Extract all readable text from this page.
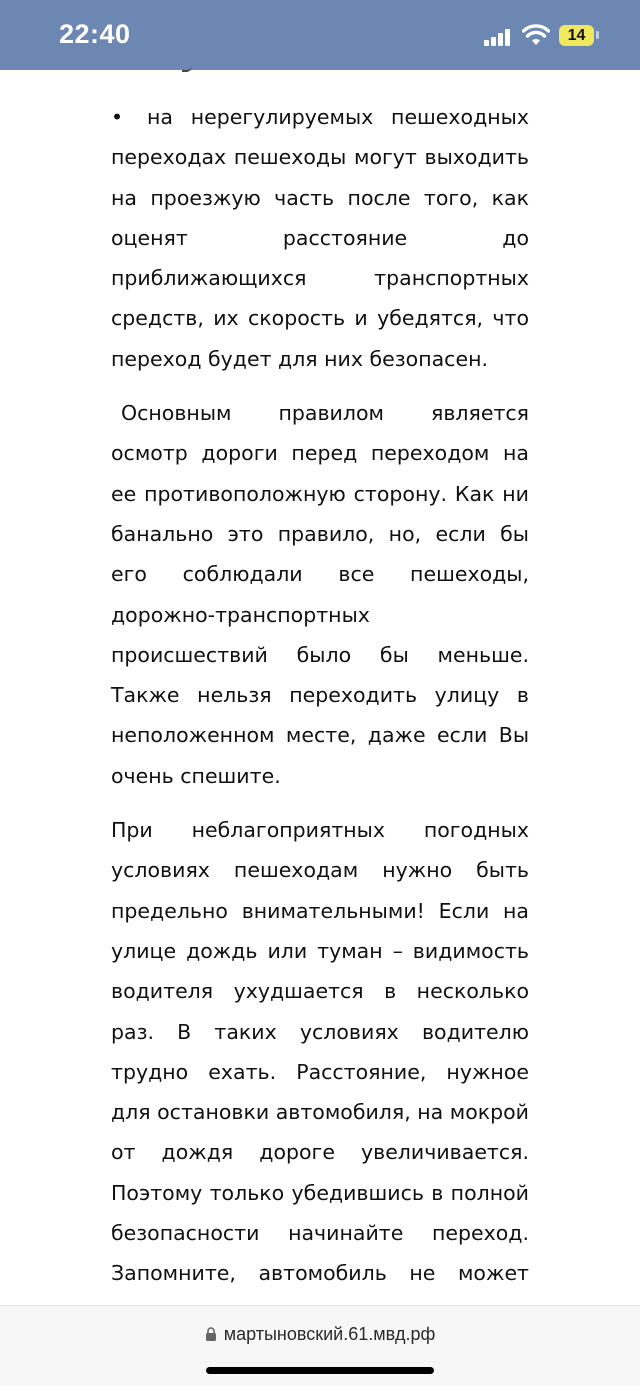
22:40	14

• на нерегулируемых пешеходных переходах пешеходы могут выходить на проезжую часть после того, как оценят расстояние до приближающихся транспортных средств, их скорость и убедятся, что переход будет для них безопасен.

Основным правилом является осмотр дороги перед переходом на ее противоположную сторону. Как ни банально это правило, но, если бы его соблюдали все пешеходы, дорожно-транспортных происшествий было бы меньше. Также нельзя переходить улицу в неположенном месте, даже если Вы очень спешите.

При неблагоприятных погодных условиях пешеходам нужно быть предельно внимательными! Если на улице дождь или туман – видимость водителя ухудшается в несколько раз. В таких условиях водителю трудно ехать. Расстояние, нужное для остановки автомобиля, на мокрой от дождя дороге увеличивается. Поэтому только убедившись в полной безопасности начинайте переход. Запомните, автомобиль не может

мартыновский.61.мвд.рф
